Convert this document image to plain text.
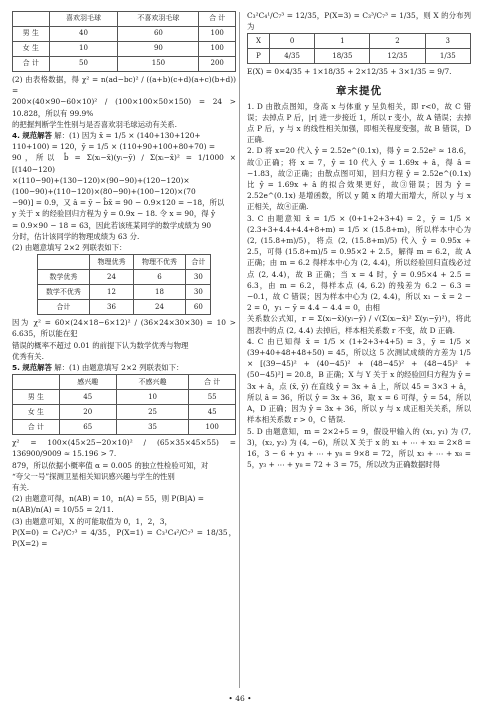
	喜欢羽毛球	不喜欢羽毛球	合 计
男 生	40	60	100
女 生	10	90	100
合 计	50	150	200

(2) 由表格数据，得 χ² = n(ad−bc)² / ((a+b)(c+d)(a+c)(b+d)) =

200×(40×90−60×10)² / (100×100×50×150) = 24 > 10.828，所以有 99.9%

的把握判断学生性别与是否喜欢羽毛球运动有关系.

4. 规范解答 解：(1) 因为 x̄ = 1/5 × (140+130+120+

110+100) = 120，ȳ = 1/5 × (110+90+100+80+70) =

90，所以 b̂ = Σ(xᵢ−x̄)(yᵢ−ȳ) / Σ(xᵢ−x̄)² = 1/1000 × [(140−120)

×(110−90)+(130−120)×(90−90)+(120−120)×

(100−90)+(110−120)×(80−90)+(100−120)×(70

−90)] = 0.9，又 â = ȳ − b̂x̄ = 90 − 0.9×120 = −18，所以

y 关于 x 的经验回归方程为 ŷ = 0.9x − 18. 令 x = 90，得 ŷ

= 0.9×90 − 18 = 63，因此若该班某同学的数学成绩为 90

分时，估计该同学的物理成绩为 63 分.

(2) 由题意填写 2×2 列联表如下：

	物理优秀	物理不优秀	合计
数学优秀	24	6	30
数学不优秀	12	18	30
合计	36	24	60

因为 χ² = 60×(24×18−6×12)² / (36×24×30×30) = 10 > 6.635，所以能在犯

错误的概率不超过 0.01 的前提下认为数学优秀与物理

优秀有关.

5. 规范解答 解：(1) 由题意填写 2×2 列联表如下：

	感兴趣	不感兴趣	合 计
男 生	45	10	55
女 生	20	25	45
合 计	65	35	100

χ² = 100×(45×25−20×10)² / (65×35×45×55) = 136900/9009 ≈ 15.196 > 7.

879，所以依据小概率值 α = 0.005 的独立性检验可知，对

“夸父一号”探测卫星相关知识感兴趣与学生的性别

有关.

(2) 由题意可得，n(AB) = 10，n(A) = 55，则 P(B|A) =

n(AB)/n(A) = 10/55 = 2/11.

(3) 由题意可知，X 的可能取值为 0，1，2，3，

P(X=0) = C₄³/C₇³ = 4/35，P(X=1) = C₃¹C₄²/C₇³ = 18/35，P(X=2) =

C₃²C₄¹/C₇³ = 12/35，P(X=3) = C₃³/C₇³ = 1/35，则 X 的分布列为

X	0	1	2	3
P	4/35	18/35	12/35	1/35

E(X) = 0×4/35 + 1×18/35 + 2×12/35 + 3×1/35 = 9/7.

章末提优

1. D 由散点图知，身高 x 与体重 y 呈负相关，即 r<0，故 C 错误；去掉点 P 后，|r| 进一步接近 1，所以 r 变小，故 A 错误；去掉点 P 后，y 与 x 的线性相关加强，即相关程度变强，故 B 错误，D 正确.

2. D 将 x=20 代入 ŷ = 2.52e^(0.1x)，得 ŷ = 2.52e² ≈ 18.6，故①正确；将 x = 7，ŷ = 10 代入 ŷ = 1.69x + â，得 â = −1.83，故②正确；由散点图可知，回归方程 ŷ = 2.52e^(0.1x) 比 ŷ = 1.69x + â 的拟合效果更好，故③错误；因为 ŷ = 2.52e^(0.1x) 是增函数，所以 y 随 x 的增大而增大，所以 y 与 x 正相关，故④正确.

3. C 由题意知 x̄ = 1/5 × (0+1+2+3+4) = 2，ȳ = 1/5 × (2.3+3+4.4+4.4+8+m) = 1/5 × (15.8+m)，所以样本中心为 (2, (15.8+m)/5)，将点 (2, (15.8+m)/5) 代入 ŷ = 0.95x + 2.5，可得 (15.8+m)/5 = 0.95×2 + 2.5，解得 m = 6.2，故 A 正确；由 m = 6.2 得样本中心为 (2, 4.4)，所以经验回归直线必过点 (2, 4.4)，故 B 正确；当 x = 4 时，ŷ = 0.95×4 + 2.5 = 6.3，由 m = 6.2，得样本点 (4, 6.2) 的残差为 6.2 − 6.3 = −0.1，故 C 错误；因为样本中心为 (2, 4.4)，所以 x₁ − x̄ = 2 − 2 = 0，y₁ − ȳ = 4.4 − 4.4 = 0，由相

关系数公式知，r = Σ(xᵢ−x̄)(yᵢ−ȳ) / √(Σ(xᵢ−x̄)² Σ(yᵢ−ȳ)²)，将此图表中的点 (2, 4.4) 去掉后，样本相关系数 r 不变，故 D 正确.

4. C 由已知得 x̄ = 1/5 × (1+2+3+4+5) = 3，ȳ = 1/5 × (39+40+48+48+50) = 45，所以这 5 次测试成绩的方差为 1/5 × [(39−45)² + (40−45)² + (48−45)² + (48−45)² + (50−45)²] = 20.8，B 正确；X 与 Y 关于 x 的经验回归方程为 ŷ = 3x + â，点 (x̄, ȳ) 在直线 ŷ = 3x + â 上，所以 45 = 3×3 + â，所以 â = 36，所以 ŷ = 3x + 36，取 x = 6 可得，ŷ = 54，所以 A，D 正确；因为 ŷ = 3x + 36，所以 y 与 x 成正相关关系，所以样本相关系数 r > 0，C 错误.

5. D 由题意知，m = 2×2+5 = 9，假设甲输入的 (x₁, y₁) 为 (7, 3)，(x₂, y₂) 为 (4, −6)，所以 X 关于 x 的 x₁ + ⋯ + x₂ = 2×8 = 16，3 − 6 + y₃ + ⋯ + y₈ = 9×8 = 72，所以 x₃ + ⋯ + x₈ = 5，y₃ + ⋯ + y₈ = 72 + 3 = 75，所以改为正确数据时得

• 46 •
